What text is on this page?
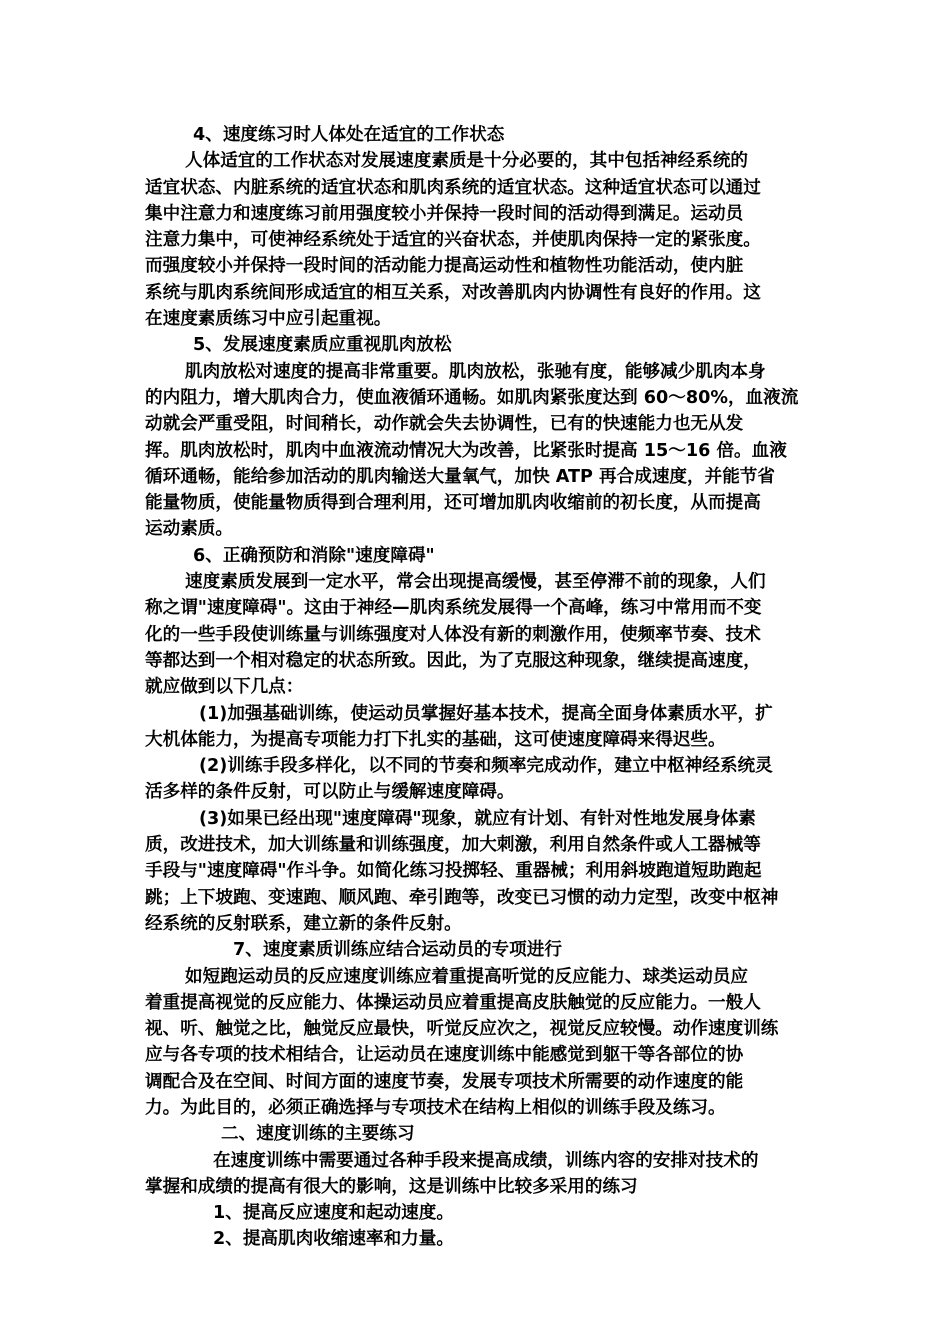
4、速度练习时人体处在适宜的工作状态
人体适宜的工作状态对发展速度素质是十分必要的，其中包括神经系统的
适宜状态、内脏系统的适宜状态和肌肉系统的适宜状态。这种适宜状态可以通过
集中注意力和速度练习前用强度较小并保持一段时间的活动得到满足。运动员
注意力集中，可使神经系统处于适宜的兴奋状态，并使肌肉保持一定的紧张度。
而强度较小并保持一段时间的活动能力提高运动性和植物性功能活动，使内脏
系统与肌肉系统间形成适宜的相互关系，对改善肌肉内协调性有良好的作用。这
在速度素质练习中应引起重视。
5、发展速度素质应重视肌肉放松
肌肉放松对速度的提高非常重要。肌肉放松，张驰有度，能够减少肌肉本身
的内阻力，增大肌肉合力，使血液循环通畅。如肌肉紧张度达到 60～80%，血液流
动就会严重受阻，时间稍长，动作就会失去协调性，已有的快速能力也无从发
挥。肌肉放松时，肌肉中血液流动情况大为改善，比紧张时提高 15～16 倍。血液
循环通畅，能给参加活动的肌肉输送大量氧气，加快 ATP 再合成速度，并能节省
能量物质，使能量物质得到合理利用，还可增加肌肉收缩前的初长度，从而提高
运动素质。
6、正确预防和消除"速度障碍"
速度素质发展到一定水平，常会出现提高缓慢，甚至停滞不前的现象，人们
称之谓"速度障碍"。这由于神经—肌肉系统发展得一个高峰，练习中常用而不变
化的一些手段使训练量与训练强度对人体没有新的刺激作用，使频率节奏、技术
等都达到一个相对稳定的状态所致。因此，为了克服这种现象，继续提高速度，
就应做到以下几点：
(1)加强基础训练，使运动员掌握好基本技术，提高全面身体素质水平，扩
大机体能力，为提高专项能力打下扎实的基础，这可使速度障碍来得迟些。
(2)训练手段多样化，以不同的节奏和频率完成动作，建立中枢神经系统灵
活多样的条件反射，可以防止与缓解速度障碍。
(3)如果已经出现"速度障碍"现象，就应有计划、有针对性地发展身体素
质，改进技术，加大训练量和训练强度，加大刺激，利用自然条件或人工器械等
手段与"速度障碍"作斗争。如简化练习投掷轻、重器械；利用斜坡跑道短助跑起
跳；上下坡跑、变速跑、顺风跑、牵引跑等，改变已习惯的动力定型，改变中枢神
经系统的反射联系，建立新的条件反射。
7、速度素质训练应结合运动员的专项进行
如短跑运动员的反应速度训练应着重提高听觉的反应能力、球类运动员应
着重提高视觉的反应能力、体操运动员应着重提高皮肤触觉的反应能力。一般人
视、听、触觉之比，触觉反应最快，听觉反应次之，视觉反应较慢。动作速度训练
应与各专项的技术相结合，让运动员在速度训练中能感觉到躯干等各部位的协
调配合及在空间、时间方面的速度节奏，发展专项技术所需要的动作速度的能
力。为此目的，必须正确选择与专项技术在结构上相似的训练手段及练习。
二、速度训练的主要练习
在速度训练中需要通过各种手段来提高成绩，训练内容的安排对技术的
掌握和成绩的提高有很大的影响，这是训练中比较多采用的练习
1、提高反应速度和起动速度。
2、提高肌肉收缩速率和力量。
